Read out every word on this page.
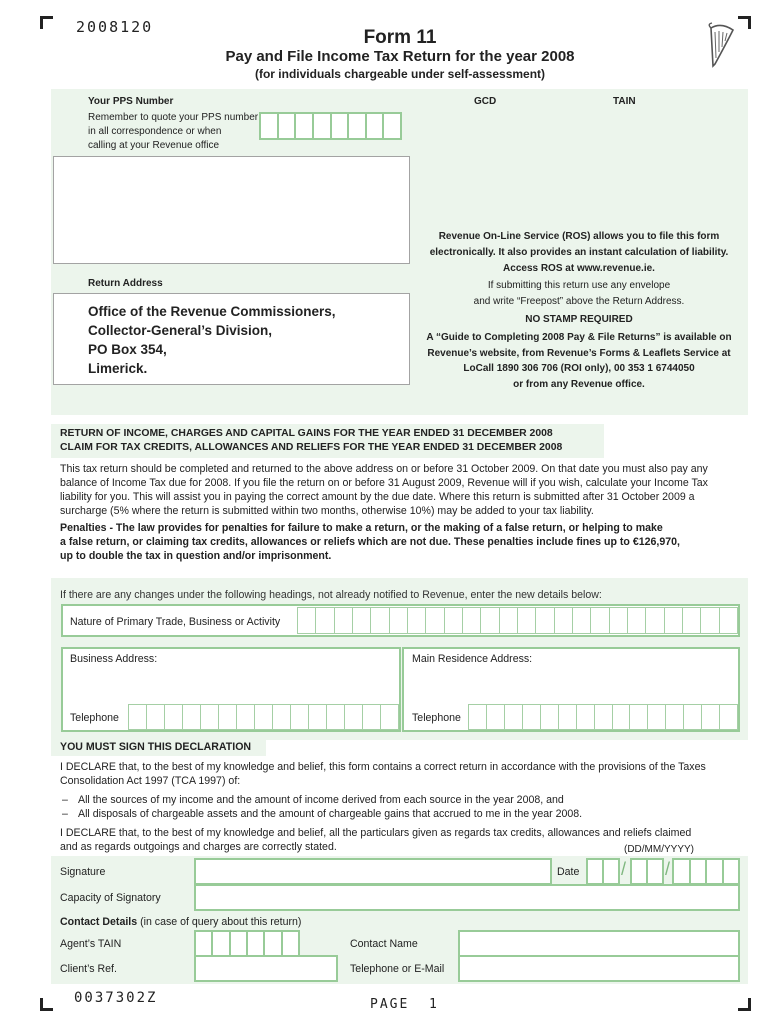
2008120	Form 11
Pay and File Income Tax Return for the year 2008
(for individuals chargeable under self-assessment)
Your PPS Number
Remember to quote your PPS number
in all correspondence or when
calling at your Revenue office
GCD	TAIN
Return Address
Office of the Revenue Commissioners,
Collector-General’s Division,
PO Box 354,
Limerick.
Revenue On-Line Service (ROS) allows you to file this form
electronically. It also provides an instant calculation of liability.
Access ROS at www.revenue.ie.
If submitting this return use any envelope
and write “Freepost” above the Return Address.
NO STAMP REQUIRED
A “Guide to Completing 2008 Pay & File Returns” is available on
Revenue’s website, from Revenue’s Forms & Leaflets Service at
LoCall 1890 306 706 (ROI only), 00 353 1 6744050
or from any Revenue office.
RETURN OF INCOME, CHARGES AND CAPITAL GAINS FOR THE YEAR ENDED 31 DECEMBER 2008
CLAIM FOR TAX CREDITS, ALLOWANCES AND RELIEFS FOR THE YEAR ENDED 31 DECEMBER 2008
This tax return should be completed and returned to the above address on or before 31 October 2009. On that date you must also pay any
balance of Income Tax due for 2008. If you file the return on or before 31 August 2009, Revenue will if you wish, calculate your Income Tax
liability for you. This will assist you in paying the correct amount by the due date. Where this return is submitted after 31 October 2009 a
surcharge (5% where the return is submitted within two months, otherwise 10%) may be added to your tax liability.
Penalties - The law provides for penalties for failure to make a return, or the making of a false return, or helping to make
a false return, or claiming tax credits, allowances or reliefs which are not due. These penalties include fines up to €126,970,
up to double the tax in question and/or imprisonment.
If there are any changes under the following headings, not already notified to Revenue, enter the new details below:
Nature of Primary Trade, Business or Activity
Business Address:
Telephone
Main Residence Address:
Telephone
YOU MUST SIGN THIS DECLARATION
I DECLARE that, to the best of my knowledge and belief, this form contains a correct return in accordance with the provisions of the Taxes
Consolidation Act 1997 (TCA 1997) of:
– All the sources of my income and the amount of income derived from each source in the year 2008, and
– All disposals of chargeable assets and the amount of chargeable gains that accrued to me in the year 2008.
I DECLARE that, to the best of my knowledge and belief, all the particulars given as regards tax credits, allowances and reliefs claimed
and as regards outgoings and charges are correctly stated.	(DD/MM/YYYY)
Signature	Date / /
Capacity of Signatory
Contact Details (in case of query about this return)
Agent’s TAIN	Contact Name
Client’s Ref.	Telephone or E-Mail
0037302Z	PAGE  1
